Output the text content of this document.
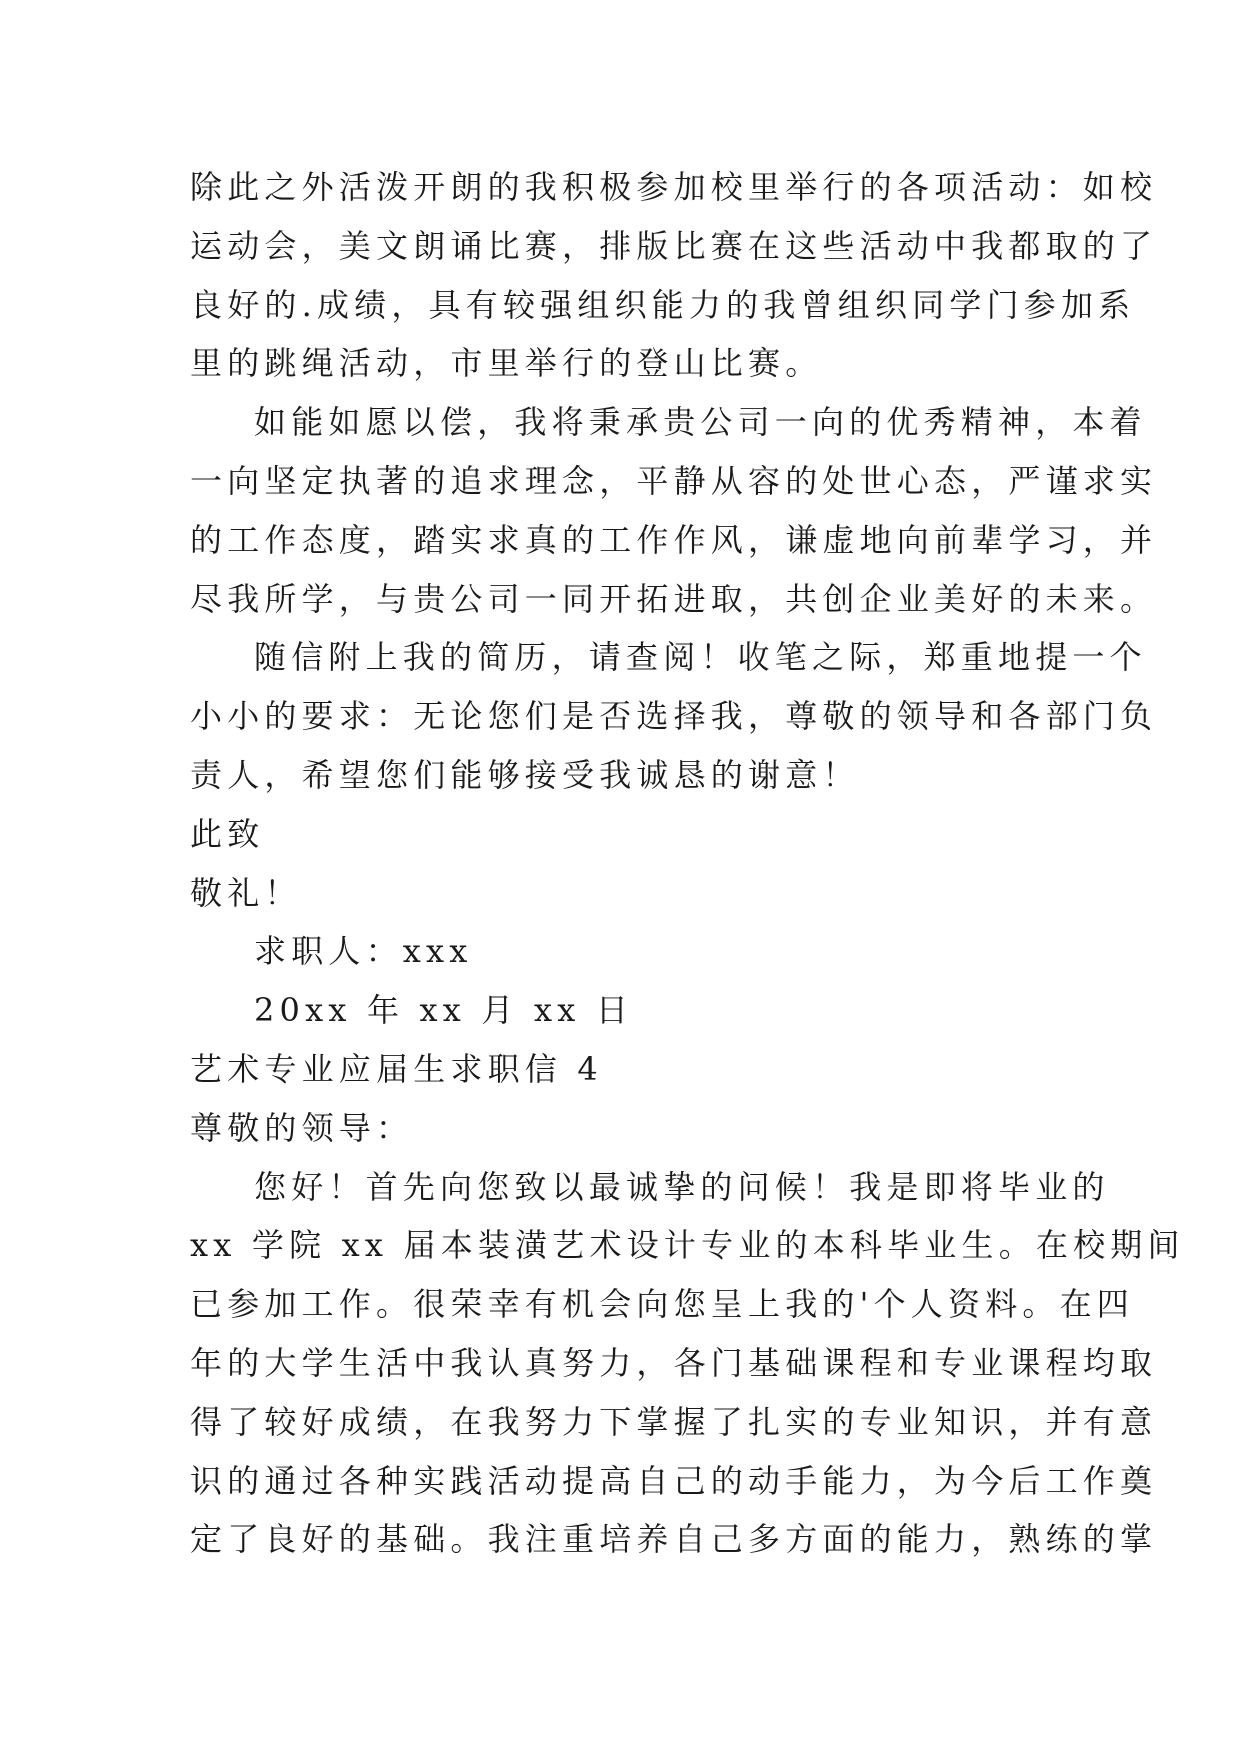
除此之外活泼开朗的我积极参加校里举行的各项活动：如校
运动会，美文朗诵比赛，排版比赛在这些活动中我都取的了
良好的.成绩，具有较强组织能力的我曾组织同学门参加系
里的跳绳活动，市里举行的登山比赛。
如能如愿以偿，我将秉承贵公司一向的优秀精神，本着
一向坚定执著的追求理念，平静从容的处世心态，严谨求实
的工作态度，踏实求真的工作作风，谦虚地向前辈学习，并
尽我所学，与贵公司一同开拓进取，共创企业美好的未来。
随信附上我的简历，请查阅！收笔之际，郑重地提一个
小小的要求：无论您们是否选择我，尊敬的领导和各部门负
责人，希望您们能够接受我诚恳的谢意！
此致
敬礼！
求职人：xxx
20xx 年 xx 月 xx 日
艺术专业应届生求职信 4
尊敬的领导：
您好！首先向您致以最诚挚的问候！我是即将毕业的
xx 学院 xx 届本装潢艺术设计专业的本科毕业生。在校期间
已参加工作。很荣幸有机会向您呈上我的'个人资料。在四
年的大学生活中我认真努力，各门基础课程和专业课程均取
得了较好成绩，在我努力下掌握了扎实的专业知识，并有意
识的通过各种实践活动提高自己的动手能力，为今后工作奠
定了良好的基础。我注重培养自己多方面的能力，熟练的掌
